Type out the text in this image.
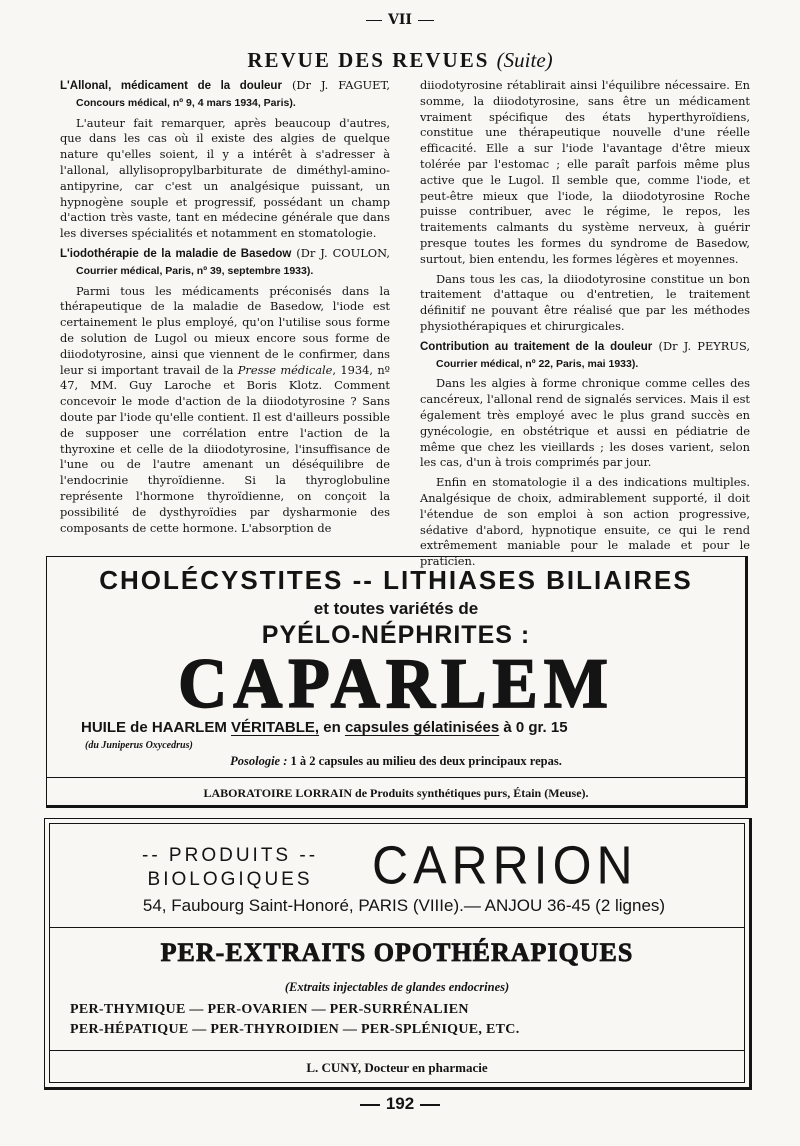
VII
REVUE DES REVUES (Suite)

L'Allonal, médicament de la douleur (Dr J. FAGUET, Concours médical, nº 9, 4 mars 1934, Paris).

L'auteur fait remarquer, après beaucoup d'autres, que dans les cas où il existe des algies de quelque nature qu'elles soient, il y a intérêt à s'adresser à l'allonal, allylisopropylbarbiturate de diméthyl-amino-antipyrine, car c'est un analgésique puissant, un hypnogène souple et progressif, possédant un champ d'action très vaste, tant en médecine générale que dans les diverses spécialités et notamment en stomatologie.

L'iodothérapie de la maladie de Basedow (Dr J. COULON, Courrier médical, Paris, nº 39, septembre 1933).

Parmi tous les médicaments préconisés dans la thérapeutique de la maladie de Basedow, l'iode est certainement le plus employé, qu'on l'utilise sous forme de solution de Lugol ou mieux encore sous forme de diiodotyrosine, ainsi que viennent de le confirmer, dans leur si important travail de la Presse médicale, 1934, nº 47, MM. Guy Laroche et Boris Klotz. Comment concevoir le mode d'action de la diiodotyrosine ? Sans doute par l'iode qu'elle contient. Il est d'ailleurs possible de supposer une corrélation entre l'action de la thyroxine et celle de la diiodotyrosine, l'insuffisance de l'une ou de l'autre amenant un déséquilibre de l'endocrinie thyroïdienne. Si la thyroglobuline représente l'hormone thyroïdienne, on conçoit la possibilité de dysthyroïdies par dysharmonie des composants de cette hormone. L'absorption de

diiodotyrosine rétablirait ainsi l'équilibre nécessaire. En somme, la diiodotyrosine, sans être un médicament vraiment spécifique des états hyperthyroïdiens, constitue une thérapeutique nouvelle d'une réelle efficacité. Elle a sur l'iode l'avantage d'être mieux tolérée par l'estomac ; elle paraît parfois même plus active que le Lugol. Il semble que, comme l'iode, et peut-être mieux que l'iode, la diiodotyrosine Roche puisse contribuer, avec le régime, le repos, les traitements calmants du système nerveux, à guérir presque toutes les formes du syndrome de Basedow, surtout, bien entendu, les formes légères et moyennes.

Dans tous les cas, la diiodotyrosine constitue un bon traitement d'attaque ou d'entretien, le traitement définitif ne pouvant être réalisé que par les méthodes physiothérapiques et chirurgicales.

Contribution au traitement de la douleur (Dr J. PEYRUS, Courrier médical, nº 22, Paris, mai 1933).

Dans les algies à forme chronique comme celles des cancéreux, l'allonal rend de signalés services. Mais il est également très employé avec le plus grand succès en gynécologie, en obstétrique et aussi en pédiatrie de même que chez les vieillards ; les doses varient, selon les cas, d'un à trois comprimés par jour.

Enfin en stomatologie il a des indications multiples. Analgésique de choix, admirablement supporté, il doit l'étendue de son emploi à son action progressive, sédative d'abord, hypnotique ensuite, ce qui le rend extrêmement maniable pour le malade et pour le praticien.

CHOLÉCYSTITES -- LITHIASES BILIAIRES
et toutes variétés de
PYÉLO-NÉPHRITES :
CAPARLEM
HUILE de HAARLEM VÉRITABLE, en capsules gélatinisées à 0 gr. 15
(du Juniperus Oxycedrus)
Posologie : 1 à 2 capsules au milieu des deux principaux repas.
LABORATOIRE LORRAIN de Produits synthétiques purs, Étain (Meuse).
-- PRODUITS --
BIOLOGIQUES CARRION
54, Faubourg Saint-Honoré, PARIS (VIIIe).— ANJOU 36-45 (2 lignes)
PER-EXTRAITS OPOTHÉRAPIQUES
(Extraits injectables de glandes endocrines)
PER-THYMIQUE — PER-OVARIEN — PER-SURRÉNALIEN
PER-HÉPATIQUE — PER-THYROIDIEN — PER-SPLÉNIQUE, ETC.
L. CUNY, Docteur en pharmacie
192
